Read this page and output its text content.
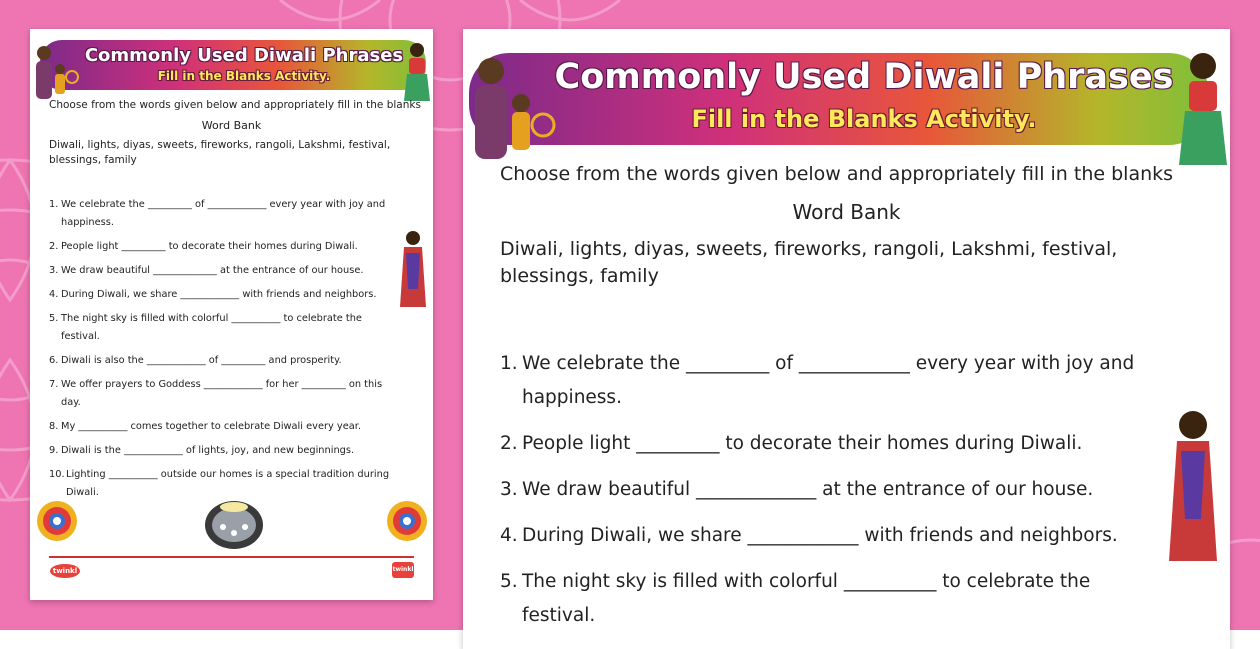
Commonly Used Diwali Phrases
Fill in the Blanks Activity.
Choose from the words given below and appropriately fill in the blanks
Word Bank
Diwali, lights, diyas, sweets, fireworks, rangoli, Lakshmi, festival,
blessings, family
1. We celebrate the _________ of ____________ every year with joy and
happiness.
2. People light _________ to decorate their homes during Diwali.
3. We draw beautiful _____________ at the entrance of our house.
4. During Diwali, we share ____________ with friends and neighbors.
5. The night sky is filled with colorful __________ to celebrate the
festival.
6. Diwali is also the ____________ of _________ and prosperity.
7. We offer prayers to Goddess ____________ for her _________ on this
day.
8. My __________ comes together to celebrate Diwali every year.
9. Diwali is the ____________ of lights, joy, and new beginnings.
10. Lighting __________ outside our homes is a special tradition during
Diwali.
twinkl	twinkl
Commonly Used Diwali Phrases
Fill in the Blanks Activity.
Choose from the words given below and appropriately fill in the blanks
Word Bank
Diwali, lights, diyas, sweets, fireworks, rangoli, Lakshmi, festival,
blessings, family
1. We celebrate the _________ of ____________ every year with joy and
happiness.
2. People light _________ to decorate their homes during Diwali.
3. We draw beautiful _____________ at the entrance of our house.
4. During Diwali, we share ____________ with friends and neighbors.
5. The night sky is filled with colorful __________ to celebrate the
festival.
